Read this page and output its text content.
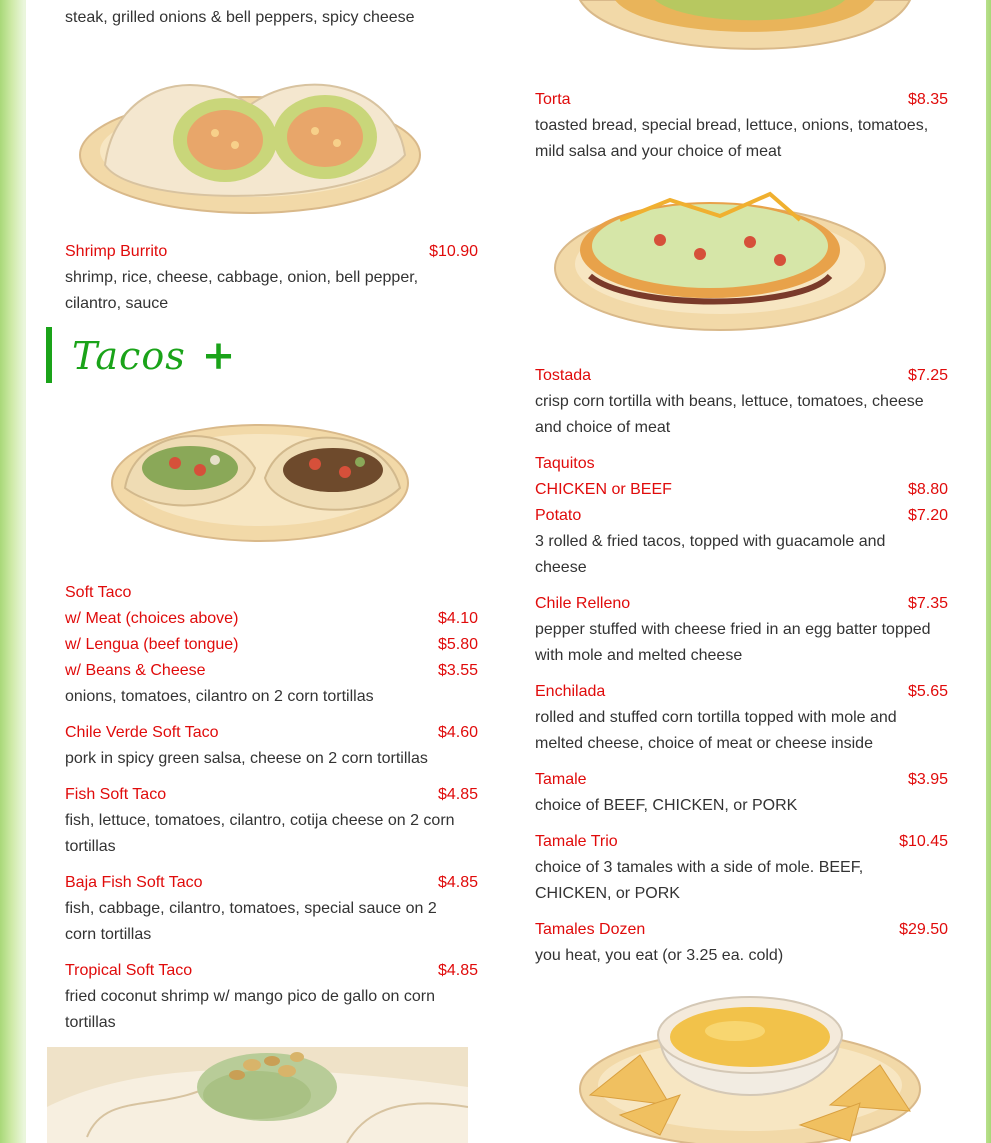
steak, grilled onions & bell peppers, spicy cheese
Shrimp Burrito	$10.90
shrimp, rice, cheese, cabbage, onion, bell pepper, cilantro, sauce
Tacos +
Soft Taco
w/ Meat (choices above)	$4.10
w/ Lengua (beef tongue)	$5.80
w/ Beans & Cheese	$3.55
onions, tomatoes, cilantro on 2 corn tortillas
Chile Verde Soft Taco	$4.60
pork in spicy green salsa, cheese on 2 corn tortillas
Fish Soft Taco	$4.85
fish, lettuce, tomatoes, cilantro, cotija cheese on 2 corn tortillas
Baja Fish Soft Taco	$4.85
fish, cabbage, cilantro, tomatoes, special sauce on 2 corn tortillas
Tropical Soft Taco	$4.85
fried coconut shrimp w/ mango pico de gallo on corn tortillas
Torta	$8.35
toasted bread, special bread, lettuce, onions, tomatoes, mild salsa and your choice of meat
Tostada	$7.25
crisp corn tortilla with beans, lettuce, tomatoes, cheese and choice of meat
Taquitos
CHICKEN or BEEF	$8.80
Potato	$7.20
3 rolled & fried tacos, topped with guacamole and cheese
Chile Relleno	$7.35
pepper stuffed with cheese fried in an egg batter topped with mole and melted cheese
Enchilada	$5.65
rolled and stuffed corn tortilla topped with mole and melted cheese, choice of meat or cheese inside
Tamale	$3.95
choice of BEEF, CHICKEN, or PORK
Tamale Trio	$10.45
choice of 3 tamales with a side of mole. BEEF, CHICKEN, or PORK
Tamales Dozen	$29.50
you heat, you eat (or 3.25 ea. cold)
